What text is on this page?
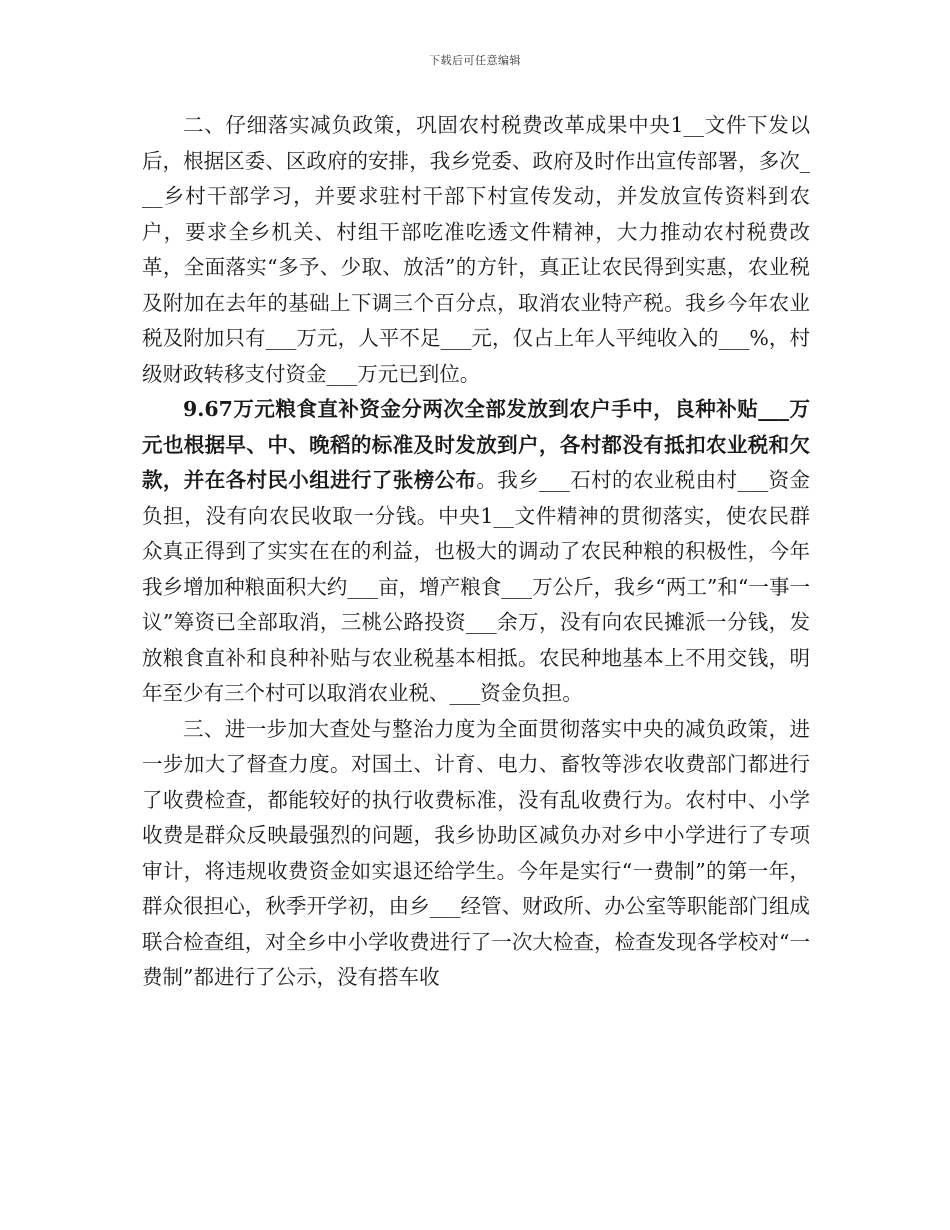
下载后可任意编辑

二、仔细落实减负政策，巩固农村税费改革成果中央1__文件下发以后，根据区委、区政府的安排，我乡党委、政府及时作出宣传部署，多次___乡村干部学习，并要求驻村干部下村宣传发动，并发放宣传资料到农户，要求全乡机关、村组干部吃准吃透文件精神，大力推动农村税费改革，全面落实“多予、少取、放活”的方针，真正让农民得到实惠，农业税及附加在去年的基础上下调三个百分点，取消农业特产税。我乡今年农业税及附加只有___万元，人平不足___元，仅占上年人平纯收入的___%，村级财政转移支付资金___万元已到位。

9.67万元粮食直补资金分两次全部发放到农户手中，良种补贴___万元也根据早、中、晚稻的标准及时发放到户，各村都没有抵扣农业税和欠款，并在各村民小组进行了张榜公布。我乡___石村的农业税由村___资金负担，没有向农民收取一分钱。中央1__文件精神的贯彻落实，使农民群众真正得到了实实在在的利益，也极大的调动了农民种粮的积极性，今年我乡增加种粮面积大约___亩，增产粮食___万公斤，我乡“两工”和“一事一议”筹资已全部取消，三桃公路投资___余万，没有向农民摊派一分钱，发放粮食直补和良种补贴与农业税基本相抵。农民种地基本上不用交钱，明年至少有三个村可以取消农业税、___资金负担。

三、进一步加大查处与整治力度为全面贯彻落实中央的减负政策，进一步加大了督查力度。对国土、计育、电力、畜牧等涉农收费部门都进行了收费检查，都能较好的执行收费标准，没有乱收费行为。农村中、小学收费是群众反映最强烈的问题，我乡协助区减负办对乡中小学进行了专项审计，将违规收费资金如实退还给学生。今年是实行“一费制”的第一年，群众很担心，秋季开学初，由乡___经管、财政所、办公室等职能部门组成联合检查组，对全乡中小学收费进行了一次大检查，检查发现各学校对“一费制”都进行了公示，没有搭车收
